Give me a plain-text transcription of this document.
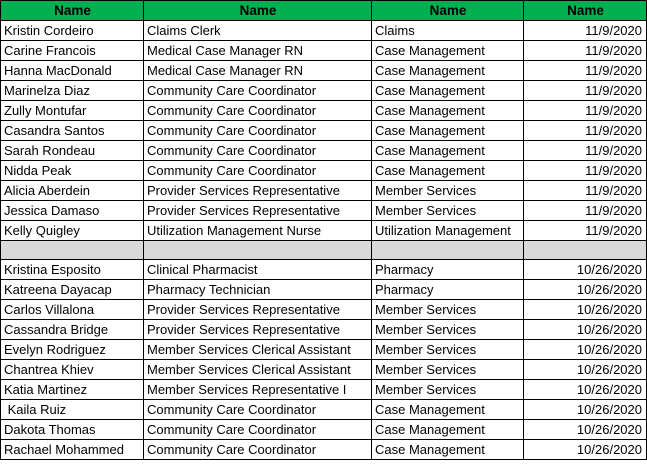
Name	Name	Name	Name
Kristin Cordeiro	Claims Clerk	Claims	11/9/2020
Carine Francois	Medical Case Manager RN	Case Management	11/9/2020
Hanna MacDonald	Medical Case Manager RN	Case Management	11/9/2020
Marinelza Diaz	Community Care Coordinator	Case Management	11/9/2020
Zully Montufar	Community Care Coordinator	Case Management	11/9/2020
Casandra Santos	Community Care Coordinator	Case Management	11/9/2020
Sarah Rondeau	Community Care Coordinator	Case Management	11/9/2020
Nidda Peak	Community Care Coordinator	Case Management	11/9/2020
Alicia Aberdein	Provider Services Representative	Member Services	11/9/2020
Jessica Damaso	Provider Services Representative	Member Services	11/9/2020
Kelly Quigley	Utilization Management Nurse	Utilization Management	11/9/2020

Kristina Esposito	Clinical Pharmacist	Pharmacy	10/26/2020
Katreena Dayacap	Pharmacy Technician	Pharmacy	10/26/2020
Carlos Villalona	Provider Services Representative	Member Services	10/26/2020
Cassandra Bridge	Provider Services Representative	Member Services	10/26/2020
Evelyn Rodriguez	Member Services Clerical Assistant	Member Services	10/26/2020
Chantrea Khiev	Member Services Clerical Assistant	Member Services	10/26/2020
Katia Martinez	Member Services Representative I	Member Services	10/26/2020
Kaila Ruiz	Community Care Coordinator	Case Management	10/26/2020
Dakota Thomas	Community Care Coordinator	Case Management	10/26/2020
Rachael Mohammed	Community Care Coordinator	Case Management	10/26/2020
